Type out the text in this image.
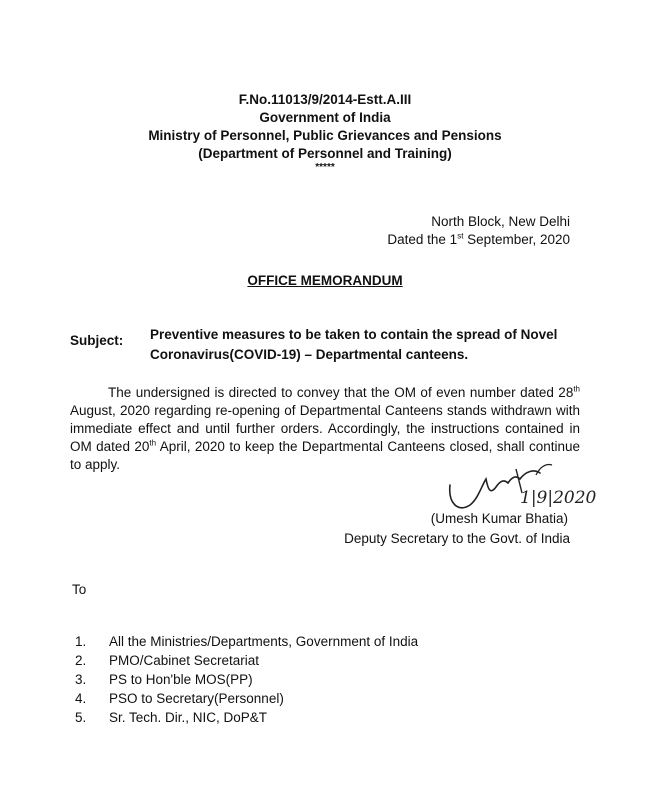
F.No.11013/9/2014-Estt.A.III
Government of India
Ministry of Personnel, Public Grievances and Pensions
(Department of Personnel and Training)
*****
North Block, New Delhi
Dated the 1st September, 2020
OFFICE MEMORANDUM
Subject: Preventive measures to be taken to contain the spread of Novel Coronavirus(COVID-19) – Departmental canteens.
The undersigned is directed to convey that the OM of even number dated 28th August, 2020 regarding re-opening of Departmental Canteens stands withdrawn with immediate effect and until further orders. Accordingly, the instructions contained in OM dated 20th April, 2020 to keep the Departmental Canteens closed, shall continue to apply.
1|9|2020
(Umesh Kumar Bhatia)
Deputy Secretary to the Govt. of India
To
1.	All the Ministries/Departments, Government of India
2.	PMO/Cabinet Secretariat
3.	PS to Hon'ble MOS(PP)
4.	PSO to Secretary(Personnel)
5.	Sr. Tech. Dir., NIC, DoP&T
